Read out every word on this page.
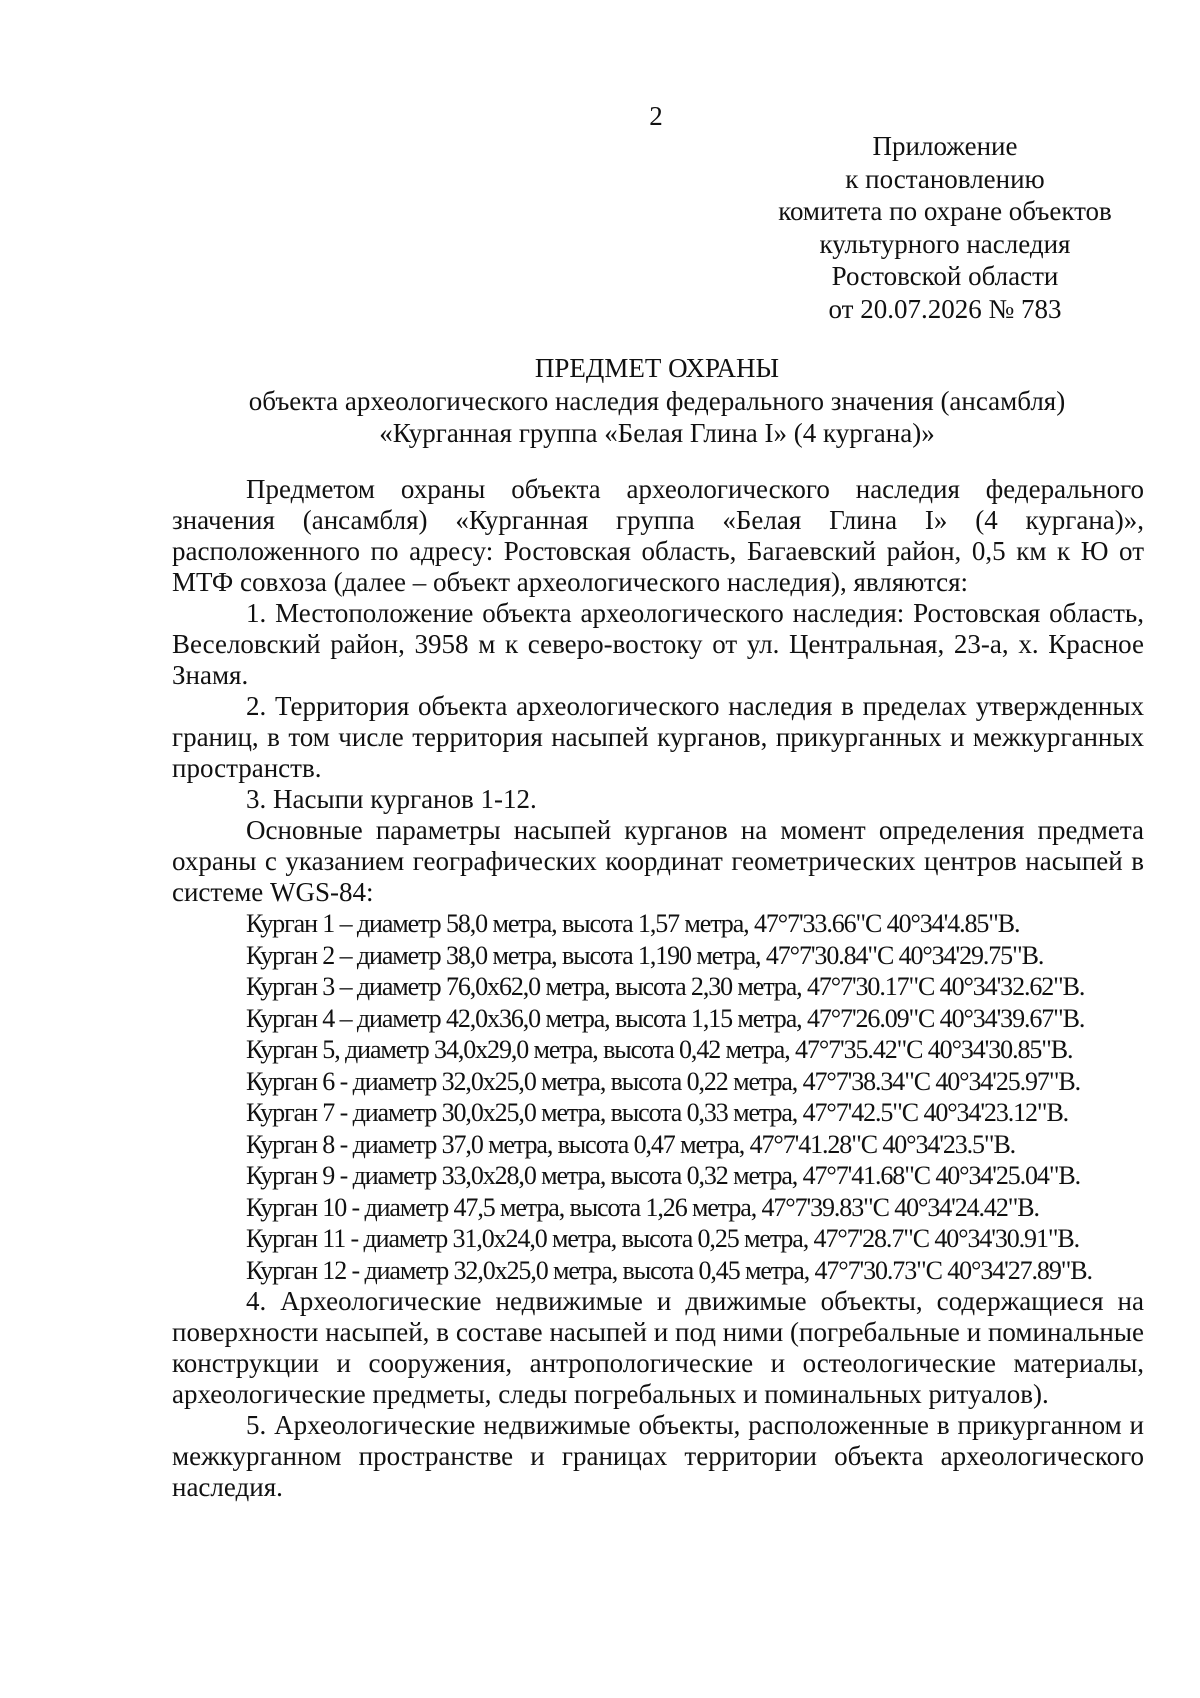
2
Приложение
к постановлению
комитета по охране объектов
культурного наследия
Ростовской области
от 20.07.2026 № 783
ПРЕДМЕТ ОХРАНЫ
объекта археологического наследия федерального значения (ансамбля)
«Курганная группа «Белая Глина I» (4 кургана)»

Предметом охраны объекта археологического наследия федерального значения (ансамбля) «Курганная группа «Белая Глина I» (4 кургана)», расположенного по адресу: Ростовская область, Багаевский район, 0,5 км к Ю от МТФ совхоза (далее – объект археологического наследия), являются:

1. Местоположение объекта археологического наследия: Ростовская область, Веселовский район, 3958 м к северо-востоку от ул. Центральная, 23-а, х. Красное Знамя.

2. Территория объекта археологического наследия в пределах утвержденных границ, в том числе территория насыпей курганов, прикурганных и межкурганных пространств.

3. Насыпи курганов 1-12.

Основные параметры насыпей курганов на момент определения предмета охраны с указанием географических координат геометрических центров насыпей в системе WGS-84:

Курган 1 – диаметр 58,0 метра, высота 1,57 метра, 47°7'33.66"С 40°34'4.85"В.
Курган 2 – диаметр 38,0 метра, высота 1,190 метра, 47°7'30.84"С 40°34'29.75"В.
Курган 3 – диаметр 76,0х62,0 метра, высота 2,30 метра, 47°7'30.17"С 40°34'32.62"В.
Курган 4 – диаметр 42,0х36,0 метра, высота 1,15 метра, 47°7'26.09"С 40°34'39.67"В.
Курган 5, диаметр 34,0х29,0 метра, высота 0,42 метра, 47°7'35.42"С 40°34'30.85"В.
Курган 6 - диаметр 32,0х25,0 метра, высота 0,22 метра, 47°7'38.34"С 40°34'25.97"В.
Курган 7 - диаметр 30,0х25,0 метра, высота 0,33 метра, 47°7'42.5"С 40°34'23.12"В.
Курган 8 - диаметр 37,0 метра, высота 0,47 метра, 47°7'41.28"С 40°34'23.5"В.
Курган 9 - диаметр 33,0х28,0 метра, высота 0,32 метра, 47°7'41.68"С 40°34'25.04"В.
Курган 10 - диаметр 47,5 метра, высота 1,26 метра, 47°7'39.83"С 40°34'24.42"В.
Курган 11 - диаметр 31,0х24,0 метра, высота 0,25 метра, 47°7'28.7"С 40°34'30.91"В.
Курган 12 - диаметр 32,0х25,0 метра, высота 0,45 метра, 47°7'30.73"С 40°34'27.89"В.

4. Археологические недвижимые и движимые объекты, содержащиеся на поверхности насыпей, в составе насыпей и под ними (погребальные и поминальные конструкции и сооружения, антропологические и остеологические материалы, археологические предметы, следы погребальных и поминальных ритуалов).

5. Археологические недвижимые объекты, расположенные в прикурганном и межкурганном пространстве и границах территории объекта археологического наследия.
